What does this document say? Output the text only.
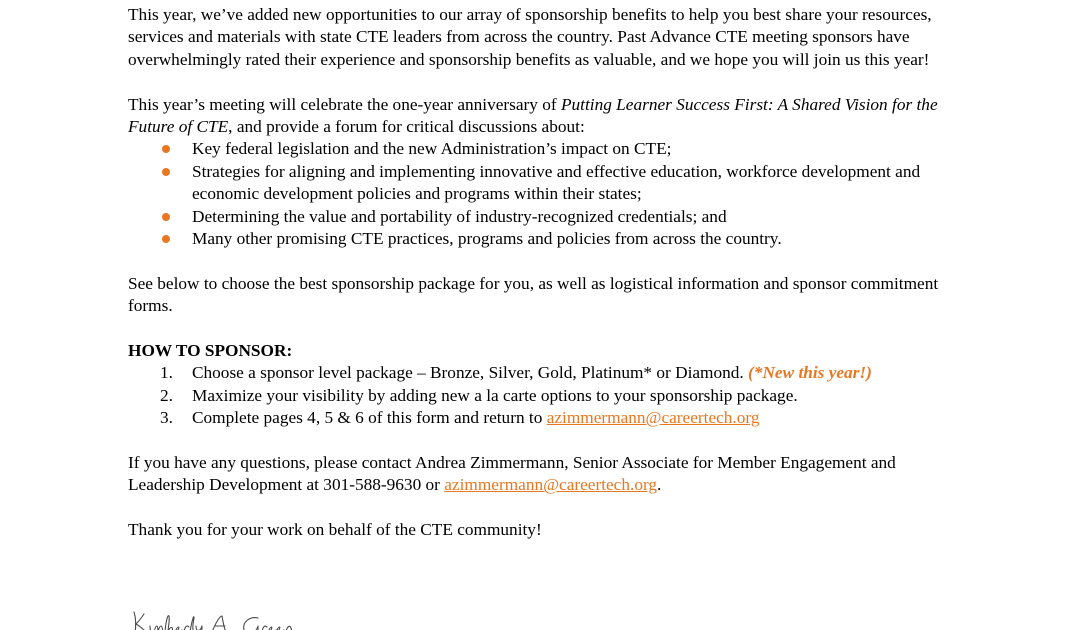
This year, we’ve added new opportunities to our array of sponsorship benefits to help you best share your resources, services and materials with state CTE leaders from across the country. Past Advance CTE meeting sponsors have overwhelmingly rated their experience and sponsorship benefits as valuable, and we hope you will join us this year!

This year’s meeting will celebrate the one-year anniversary of Putting Learner Success First: A Shared Vision for the Future of CTE, and provide a forum for critical discussions about:

Key federal legislation and the new Administration’s impact on CTE;
Strategies for aligning and implementing innovative and effective education, workforce development and economic development policies and programs within their states;
Determining the value and portability of industry-recognized credentials; and
Many other promising CTE practices, programs and policies from across the country.

See below to choose the best sponsorship package for you, as well as logistical information and sponsor commitment forms.

HOW TO SPONSOR:

1. Choose a sponsor level package – Bronze, Silver, Gold, Platinum* or Diamond. (*New this year!)
2. Maximize your visibility by adding new a la carte options to your sponsorship package.
3. Complete pages 4, 5 & 6 of this form and return to azimmermann@careertech.org

If you have any questions, please contact Andrea Zimmermann, Senior Associate for Member Engagement and Leadership Development at 301-588-9630 or azimmermann@careertech.org.

Thank you for your work on behalf of the CTE community!
